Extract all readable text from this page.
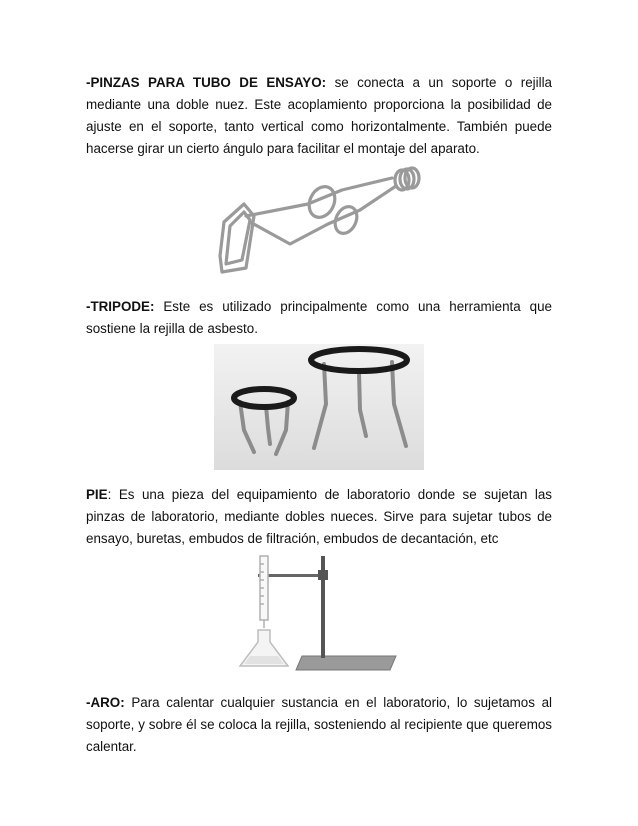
-PINZAS PARA TUBO DE ENSAYO: se conecta a un soporte o rejilla mediante una doble nuez. Este acoplamiento proporciona la posibilidad de ajuste en el soporte, tanto vertical como horizontalmente. También puede hacerse girar un cierto ángulo para facilitar el montaje del aparato.

-TRIPODE: Este es utilizado principalmente como una herramienta que sostiene la rejilla de asbesto.

PIE: Es una pieza del equipamiento de laboratorio donde se sujetan las pinzas de laboratorio, mediante dobles nueces. Sirve para sujetar tubos de ensayo, buretas, embudos de filtración, embudos de decantación, etc

-ARO: Para calentar cualquier sustancia en el laboratorio, lo sujetamos al soporte, y sobre él se coloca la rejilla, sosteniendo al recipiente que queremos calentar.
